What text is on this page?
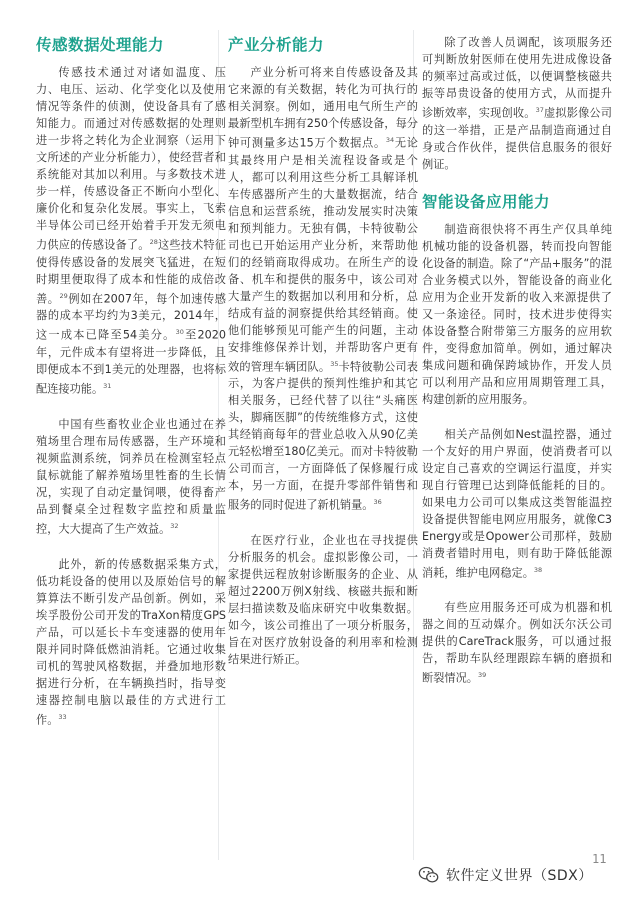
传感数据处理能力

传感技术通过对诸如温度、压力、电压、运动、化学变化以及使用情况等条件的侦测，使设备具有了感知能力。而通过对传感数据的处理则进一步将之转化为企业洞察（运用下文所述的产业分析能力），使经营者和系统能对其加以利用。与多数技术进步一样，传感设备正不断向小型化、廉价化和复杂化发展。事实上，飞索半导体公司已经开始着手开发无须电力供应的传感设备了。$^{28}$这些技术特征使得传感设备的发展突飞猛进，在短时期里便取得了成本和性能的成倍改善。$^{29}$例如在2007年，每个加速传感器的成本平均约为3美元，2014年，这一成本已降至54美分。$^{30}$至2020年，元件成本有望将进一步降低，且即便成本不到1美元的处理器，也将标配连接功能。$^{31}$

中国有些畜牧业企业也通过在养殖场里合理布局传感器，生产环境和视频监测系统，饲养员在检测室轻点鼠标就能了解养殖场里牲畜的生长情况，实现了自动定量饲喂，使得畜产品到餐桌全过程数字监控和质量监控，大大提高了生产效益。$^{32}$

此外，新的传感数据采集方式，低功耗设备的使用以及原始信号的解算算法不断引发产品创新。例如，采埃孚股份公司开发的TraXon精度GPS产品，可以延长卡车变速器的使用年限并同时降低燃油消耗。它通过收集司机的驾驶风格数据，并叠加地形数据进行分析，在车辆换挡时，指导变速器控制电脑以最佳的方式进行工作。$^{33}$

产业分析能力

产业分析可将来自传感设备及其它来源的有关数据，转化为可执行的相关洞察。例如，通用电气所生产的最新型机车拥有250个传感设备，每分钟可测量多达15万个数据点。$^{34}$无论其最终用户是相关流程设备或是个人，都可以利用这些分析工具解译机车传感器所产生的大量数据流，结合信息和运营系统，推动发展实时决策和预判能力。无独有偶，卡特彼勒公司也已开始运用产业分析，来帮助他们的经销商取得成功。在所生产的设备、机车和提供的服务中，该公司对大量产生的数据加以利用和分析，总结成有益的洞察提供给其经销商。使他们能够预见可能产生的问题，主动安排维修保养计划，并帮助客户更有效的管理车辆团队。$^{35}$卡特彼勒公司表示，为客户提供的预判性维护和其它相关服务，已经代替了以往“头痛医头，脚痛医脚”的传统维修方式，这使其经销商每年的营业总收入从90亿美元轻松增至180亿美元。而对卡特彼勒公司而言，一方面降低了保修履行成本，另一方面，在提升零部件销售和服务的同时促进了新机销量。$^{36}$

在医疗行业，企业也在寻找提供分析服务的机会。虚拟影像公司，一家提供远程放射诊断服务的企业、从超过2200万例X射线、核磁共振和断层扫描读数及临床研究中收集数据。如今，该公司推出了一项分析服务，旨在对医疗放射设备的利用率和检测结果进行矫正。

除了改善人员调配，该项服务还可判断放射医师在使用先进成像设备的频率过高或过低，以便调整核磁共振等昂贵设备的使用方式，从而提升诊断效率，实现创收。$^{37}$虚拟影像公司的这一举措，正是产品制造商通过自身或合作伙伴，提供信息服务的很好例证。

智能设备应用能力

制造商很快将不再生产仅具单纯机械功能的设备机器，转而投向智能化设备的制造。除了“产品+服务”的混合业务模式以外，智能设备的商业化应用为企业开发新的收入来源提供了又一条途径。同时，技术进步使得实体设备整合附带第三方服务的应用软件，变得愈加简单。例如，通过解决集成问题和确保跨域协作，开发人员可以利用产品和应用周期管理工具，构建创新的应用服务。

相关产品例如Nest温控器，通过一个友好的用户界面，使消费者可以设定自己喜欢的空调运行温度，并实现自行管理已达到降低能耗的目的。如果电力公司可以集成这类智能温控设备提供智能电网应用服务，就像C3 Energy或是Opower公司那样，鼓励消费者错时用电，则有助于降低能源消耗，维护电网稳定。$^{38}$

有些应用服务还可成为机器和机器之间的互动媒介。例如沃尔沃公司提供的CareTrack服务，可以通过报告，帮助车队经理跟踪车辆的磨损和断裂情况。$^{39}$

11
软件定义世界（SDX）
